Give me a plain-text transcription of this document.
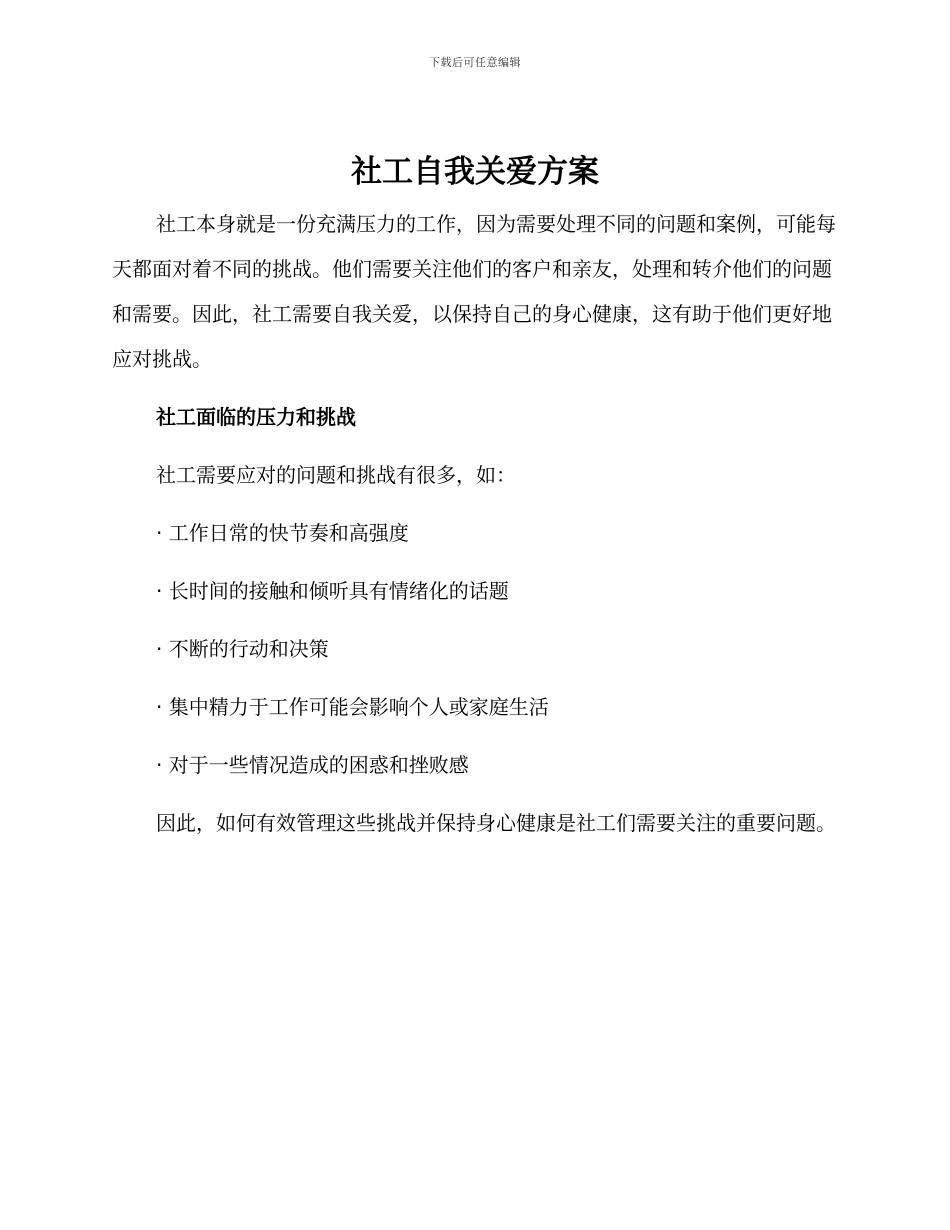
下载后可任意编辑
社工自我关爱方案

社工本身就是一份充满压力的工作，因为需要处理不同的问题和案例，可能每天都面对着不同的挑战。他们需要关注他们的客户和亲友，处理和转介他们的问题和需要。因此，社工需要自我关爱，以保持自己的身心健康，这有助于他们更好地应对挑战。

社工面临的压力和挑战

社工需要应对的问题和挑战有很多，如：

· 工作日常的快节奏和高强度
· 长时间的接触和倾听具有情绪化的话题
· 不断的行动和决策
· 集中精力于工作可能会影响个人或家庭生活
· 对于一些情况造成的困惑和挫败感

因此，如何有效管理这些挑战并保持身心健康是社工们需要关注的重要问题。
